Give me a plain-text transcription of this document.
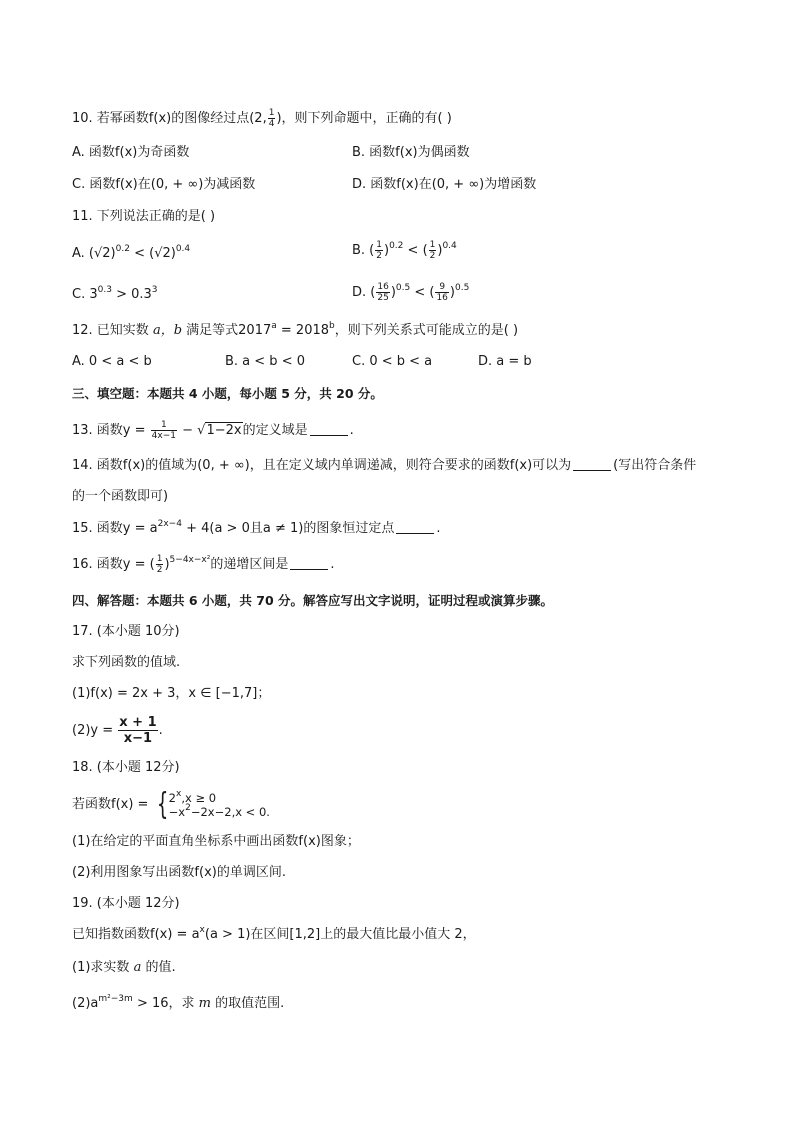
10. 若幂函数f(x)的图像经过点(2, $\frac{1}{4}$ )，则下列命题中，正确的有( )
A. 函数f(x)为奇函数	B. 函数f(x)为偶函数
C. 函数f(x)在(0, + ∞)为减函数	D. 函数f(x)在(0, + ∞)为增函数
11. 下列说法正确的是( )
A. $(√2)^{0.2} < (√2)^{0.4}$	B. ( $\frac{1}{2} )^{0.2}$ < ( $\frac{1}{2} )^{0.4}$
C. $3^{0.3} > 0.3^3$	D. ( $\frac{16}{25} )^{0.5}$ < ( $\frac{9}{16} )^{0.5}$
12. 已知实数 a，b 满足等式$2017^a = 2018^b$，则下列关系式可能成立的是( )
A. 0 < a < b	B. a < b < 0	C. 0 < b < a	D. a = b
三、填空题：本题共 4 小题，每小题 5 分，共 20 分。
13. 函数$y = \frac{1}{4x-1} - √1-2x$的定义域是	.
14. 函数f(x)的值域为(0, + ∞)，且在定义域内单调递减，则符合要求的函数f(x)可以为	(写出符合条件
的一个函数即可)
15. 函数$y = a^{2x-4} + 4(a > 0$且a ≠ 1)的图象恒过定点	.
16. 函数y = ( $\frac{1}{2} )^{5-4x-x^2}$的递增区间是	.
四、解答题：本题共 6 小题，共 70 分。解答应写出文字说明，证明过程或演算步骤。
17. (本小题 10分)
求下列函数的值域.
(1)f(x) = 2x + 3，x ∈ [−1,7]；
$(2)y = \frac{x + 1}{x-1}$ .
18. (本小题 12分)
若函数f(x) = { $2^x,x \ge 0$
$-x^2-2x-2,x < 0$.
(1)在给定的平面直角坐标系中画出函数f(x)图象；
(2)利用图象写出函数f(x)的单调区间.
19. (本小题 12分)
已知指数函数$f(x) = a^x(a > 1)$在区间[1,2]上的最大值比最小值大 2，
(1)求实数 a 的值.
$(2)a^{m^2-3m} > 16$，求 m 的取值范围.
